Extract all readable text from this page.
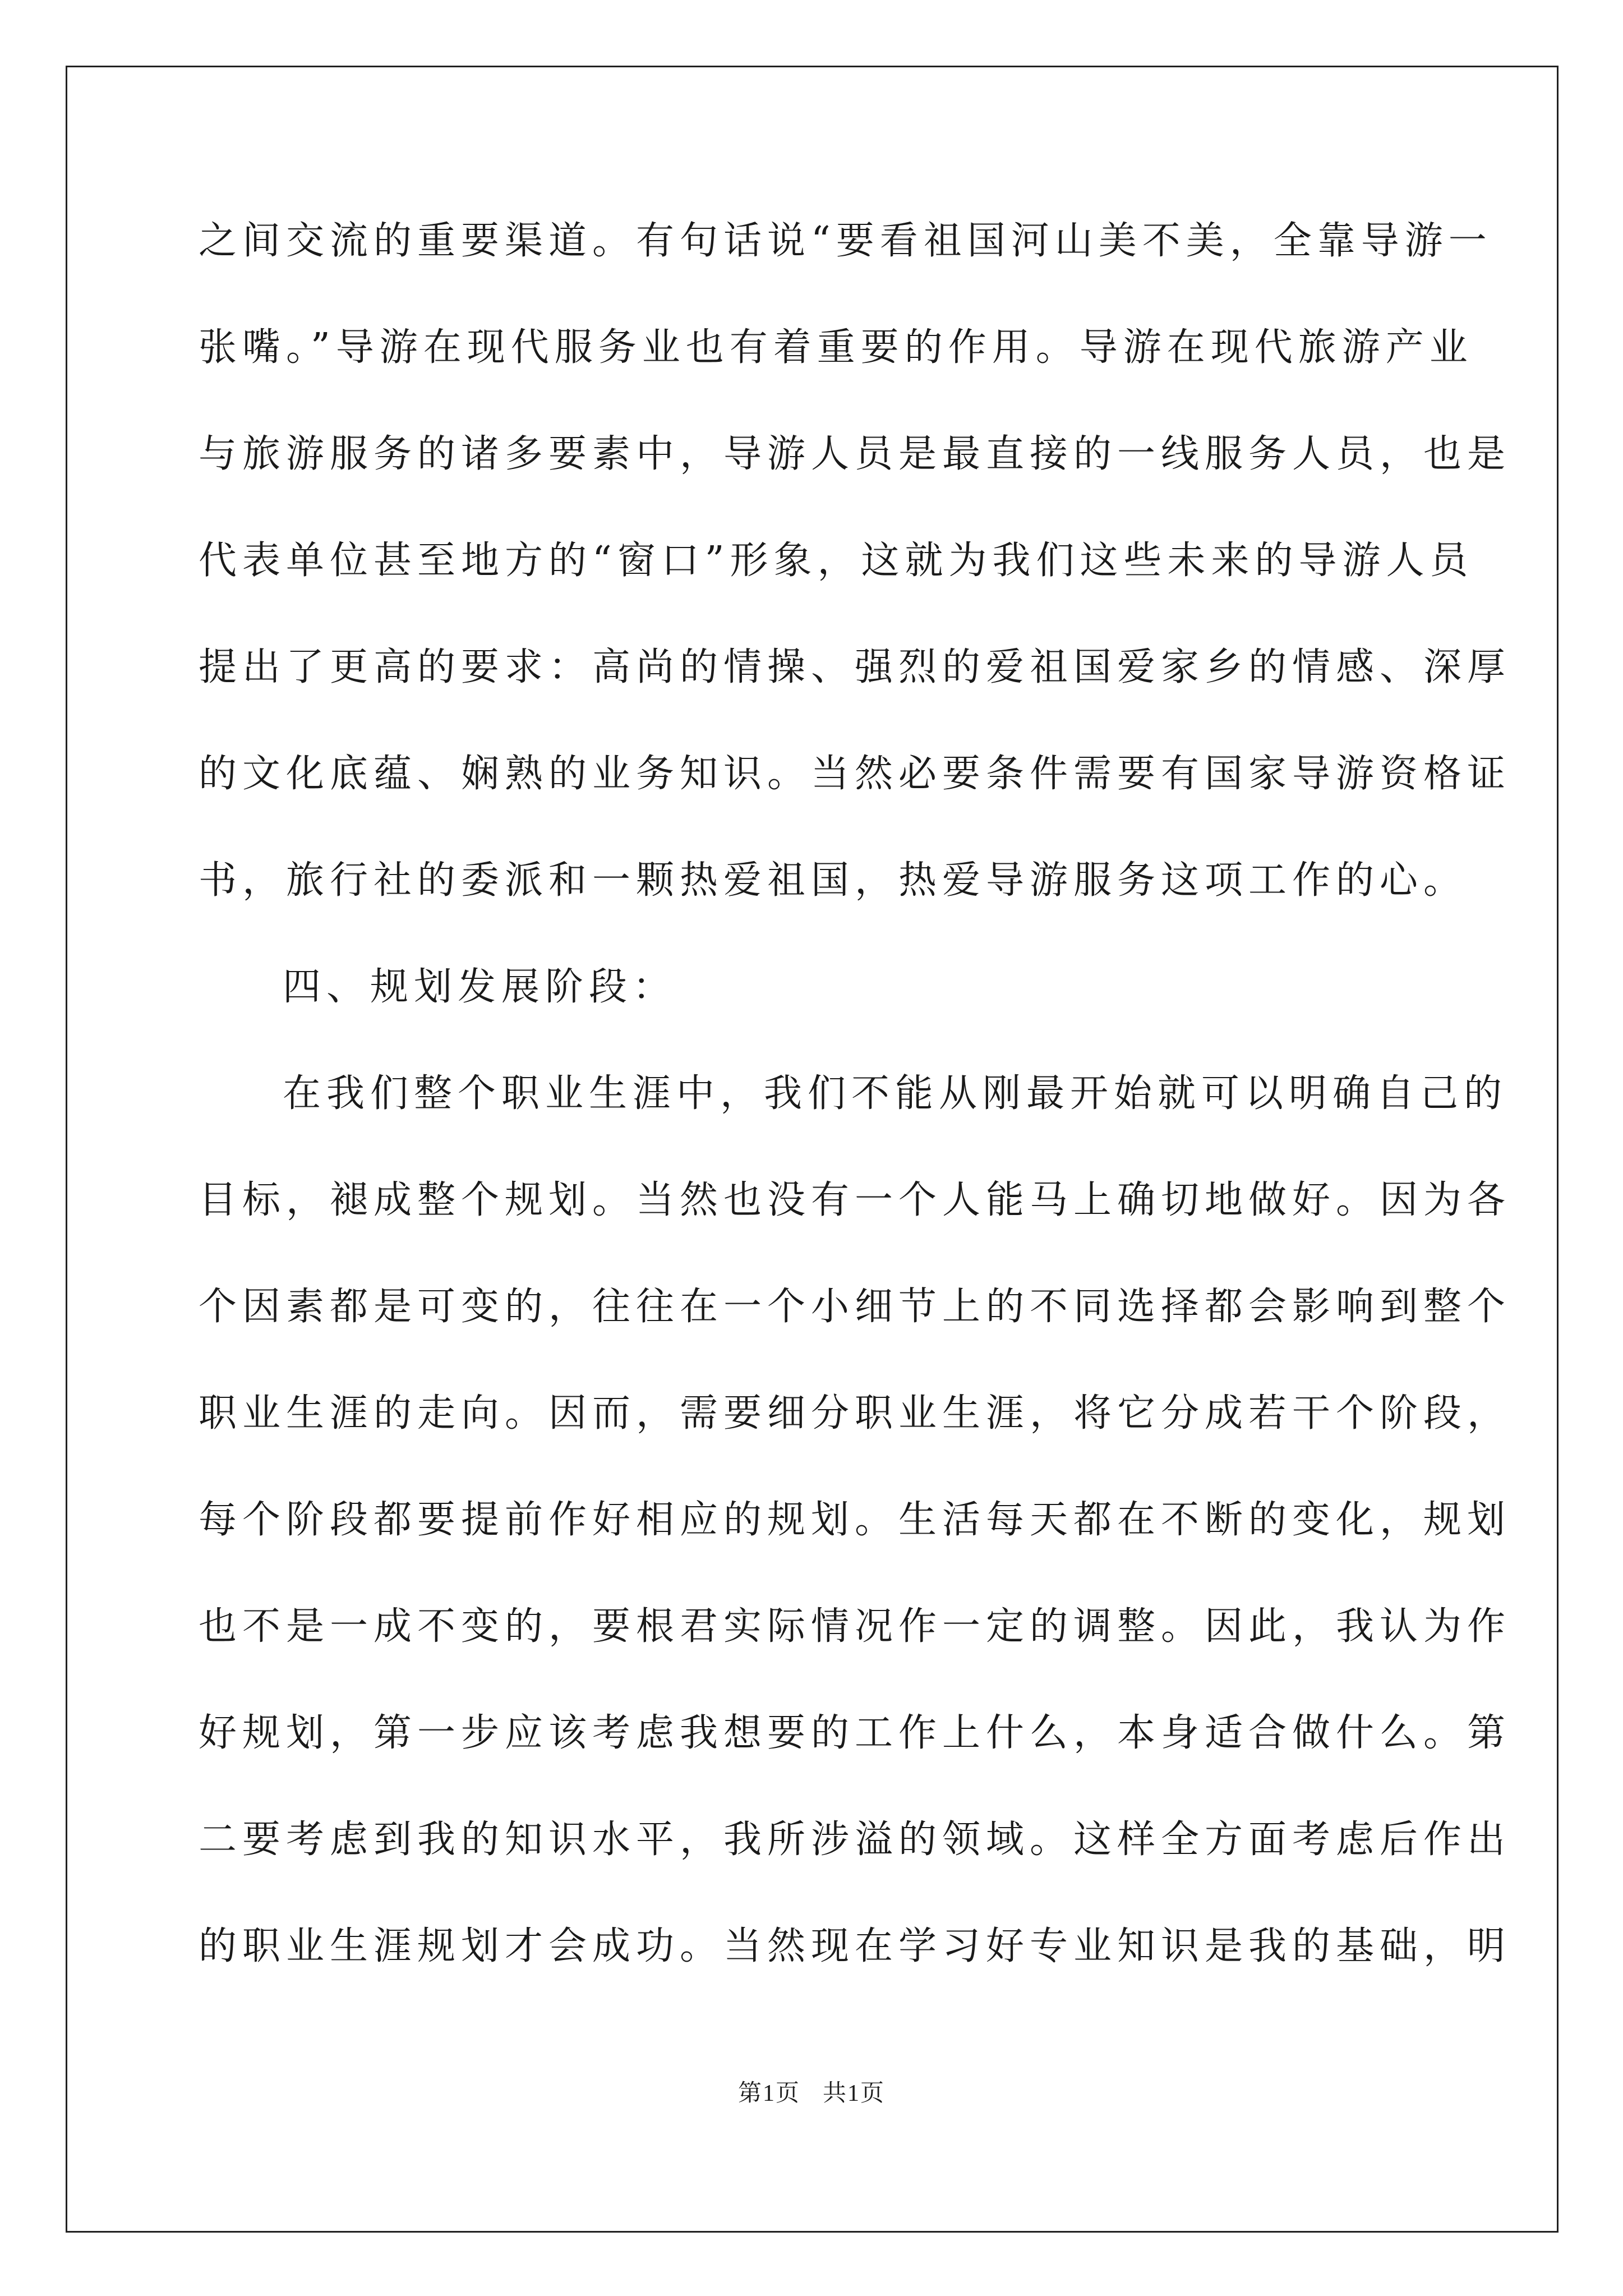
之间交流的重要渠道。有句话说“要看祖国河山美不美，全靠导游一
张嘴。”导游在现代服务业也有着重要的作用。导游在现代旅游产业
与旅游服务的诸多要素中，导游人员是最直接的一线服务人员，也是
代表单位甚至地方的“窗口”形象，这就为我们这些未来的导游人员
提出了更高的要求：高尚的情操、强烈的爱祖国爱家乡的情感、深厚
的文化底蕴、娴熟的业务知识。当然必要条件需要有国家导游资格证
书，旅行社的委派和一颗热爱祖国，热爱导游服务这项工作的心。
四、规划发展阶段：
在我们整个职业生涯中，我们不能从刚最开始就可以明确自己的
目标，褪成整个规划。当然也没有一个人能马上确切地做好。因为各
个因素都是可变的，往往在一个小细节上的不同选择都会影响到整个
职业生涯的走向。因而，需要细分职业生涯，将它分成若干个阶段，
每个阶段都要提前作好相应的规划。生活每天都在不断的变化，规划
也不是一成不变的，要根君实际情况作一定的调整。因此，我认为作
好规划，第一步应该考虑我想要的工作上什么，本身适合做什么。第
二要考虑到我的知识水平，我所涉溢的领域。这样全方面考虑后作出
的职业生涯规划才会成功。当然现在学习好专业知识是我的基础，明
第1页 共1页
